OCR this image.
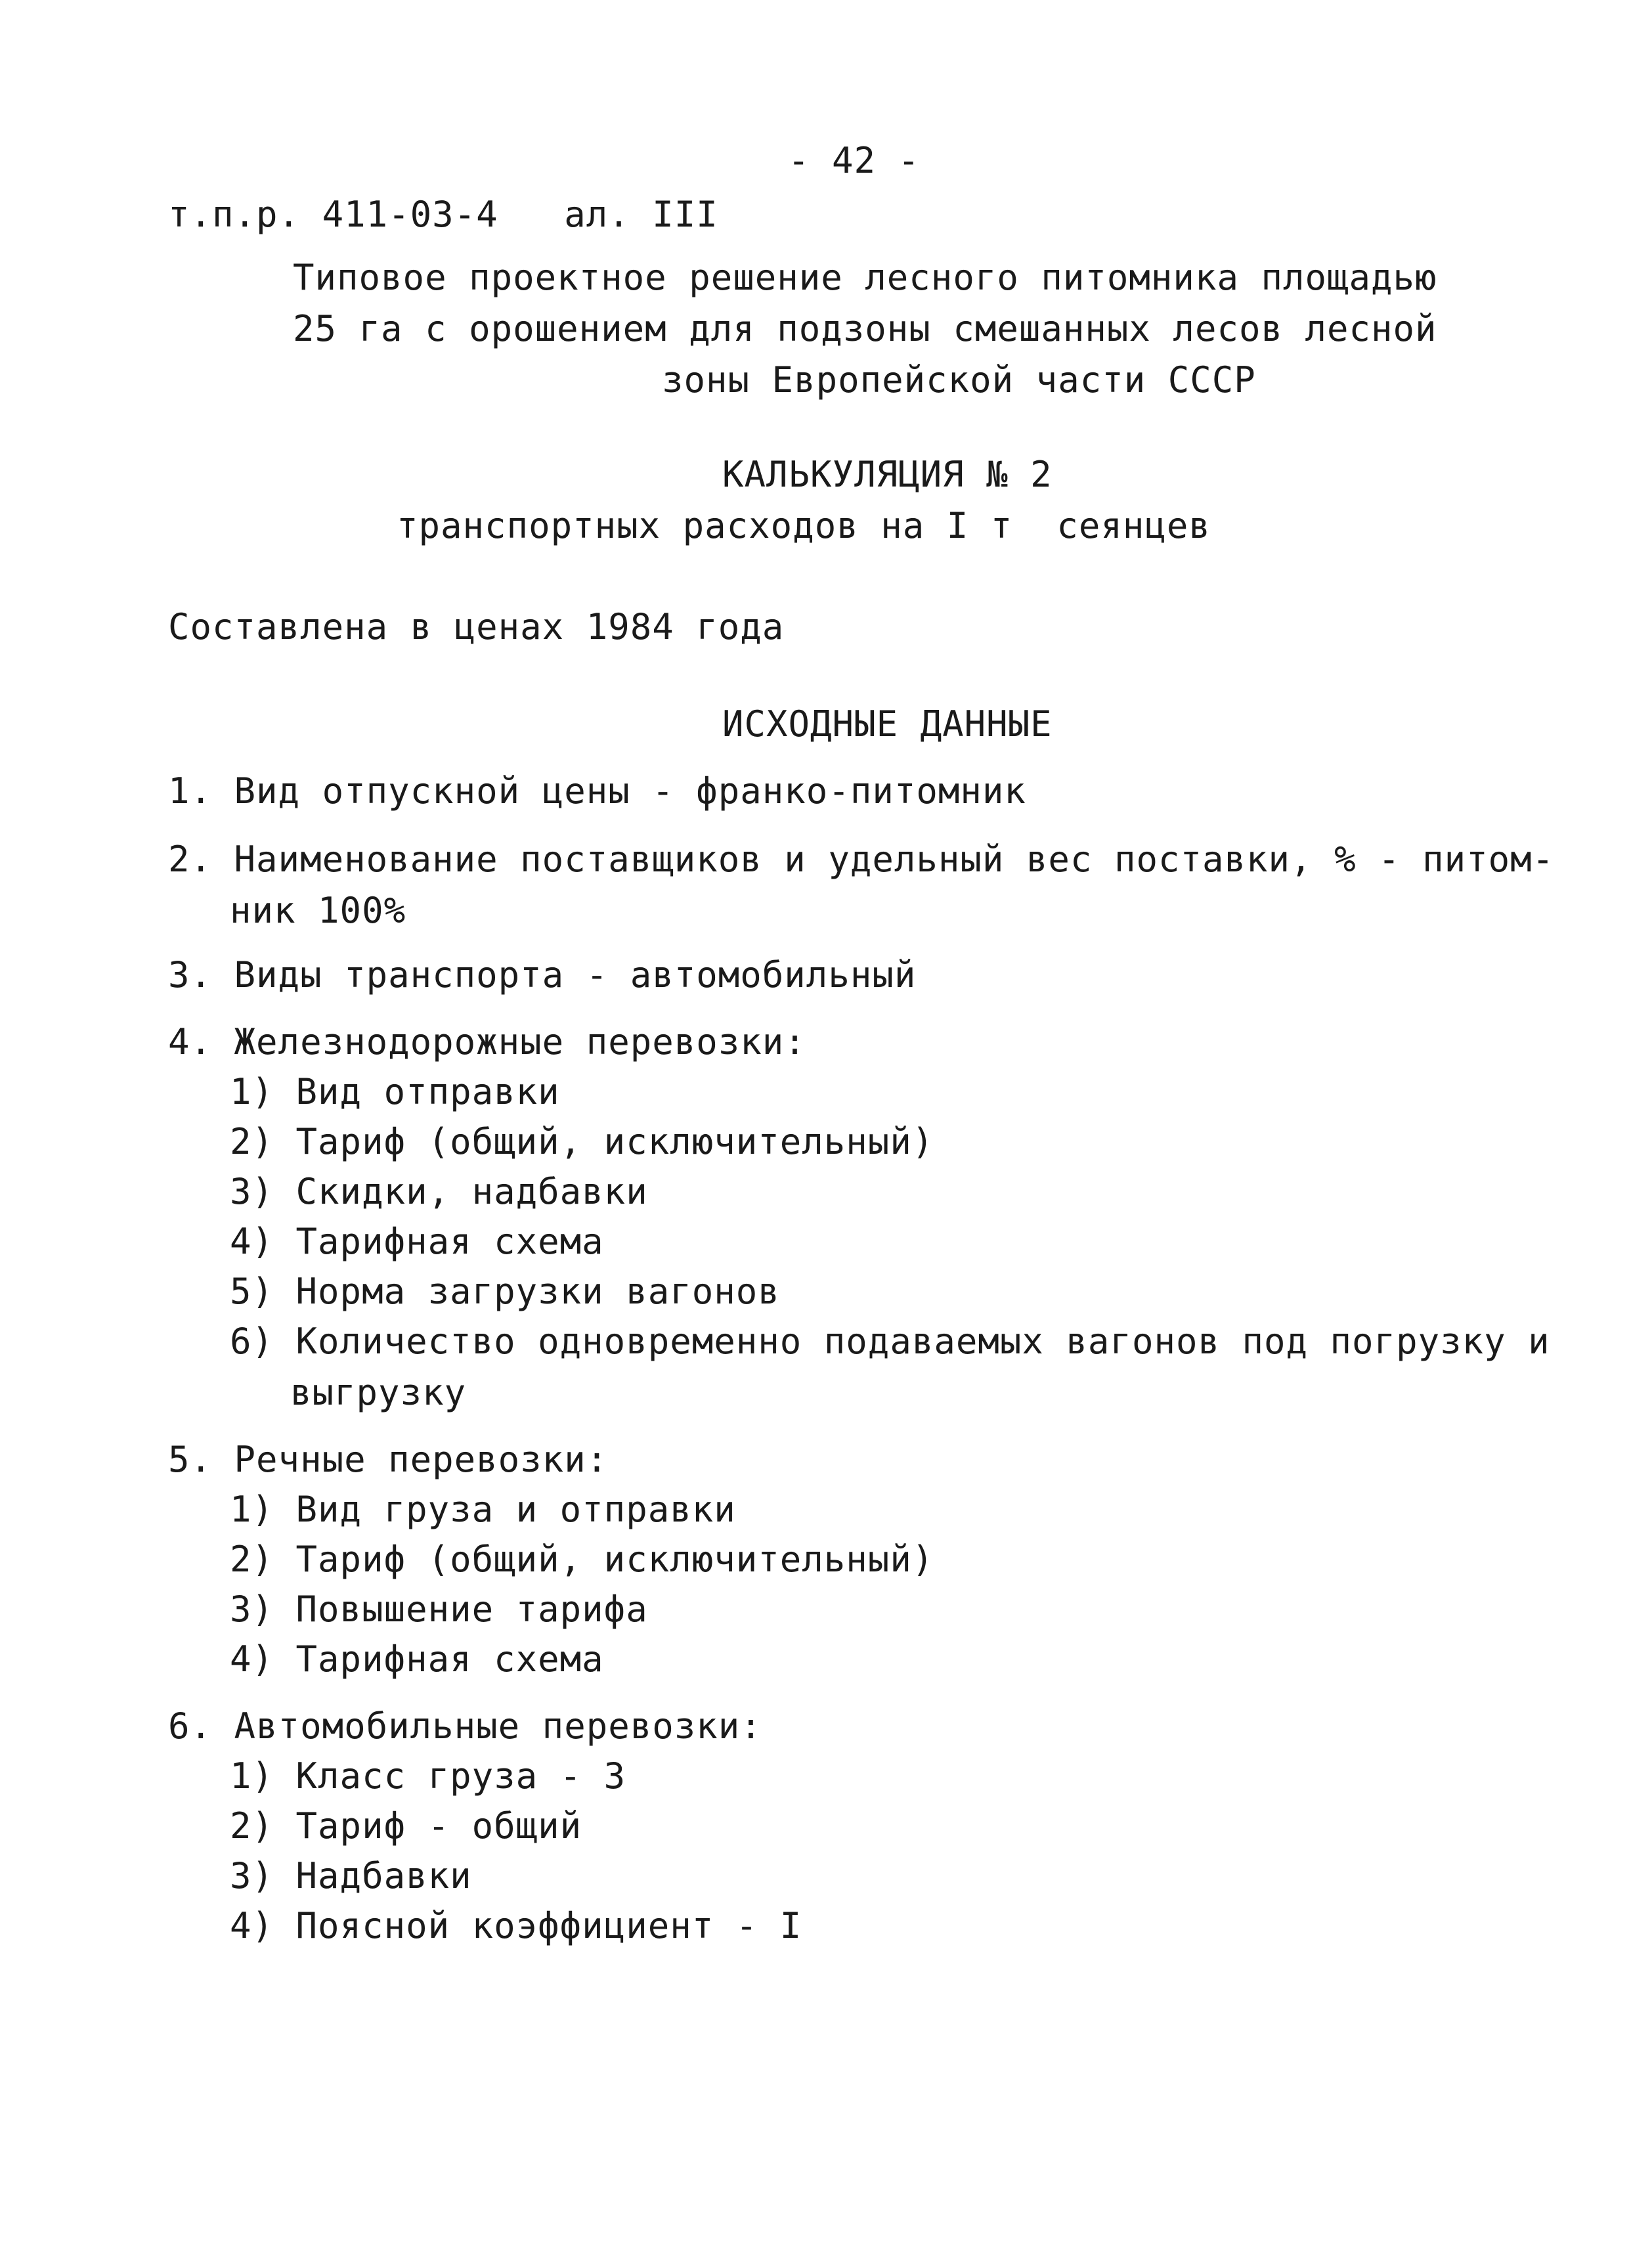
- 42 -
т.п.р. 411-03-4   ал. III
Типовое проектное решение лесного питомника площадью
25 га с орошением для подзоны смешанных лесов лесной
зоны Европейской части СССР
КАЛЬКУЛЯЦИЯ № 2
транспортных расходов на I т  сеянцев
Составлена в ценах 1984 года
ИСХОДНЫЕ ДАННЫЕ
1. Вид отпускной цены - франко-питомник
2. Наименование поставщиков и удельный вес поставки, % - питом-
ник 100%
3. Виды транспорта - автомобильный
4. Железнодорожные перевозки:
1) Вид отправки
2) Тариф (общий, исключительный)
3) Скидки, надбавки
4) Тарифная схема
5) Норма загрузки вагонов
6) Количество одновременно подаваемых вагонов под погрузку и
выгрузку
5. Речные перевозки:
1) Вид груза и отправки
2) Тариф (общий, исключительный)
3) Повышение тарифа
4) Тарифная схема
6. Автомобильные перевозки:
1) Класс груза - 3
2) Тариф - общий
3) Надбавки
4) Поясной коэффициент - I
